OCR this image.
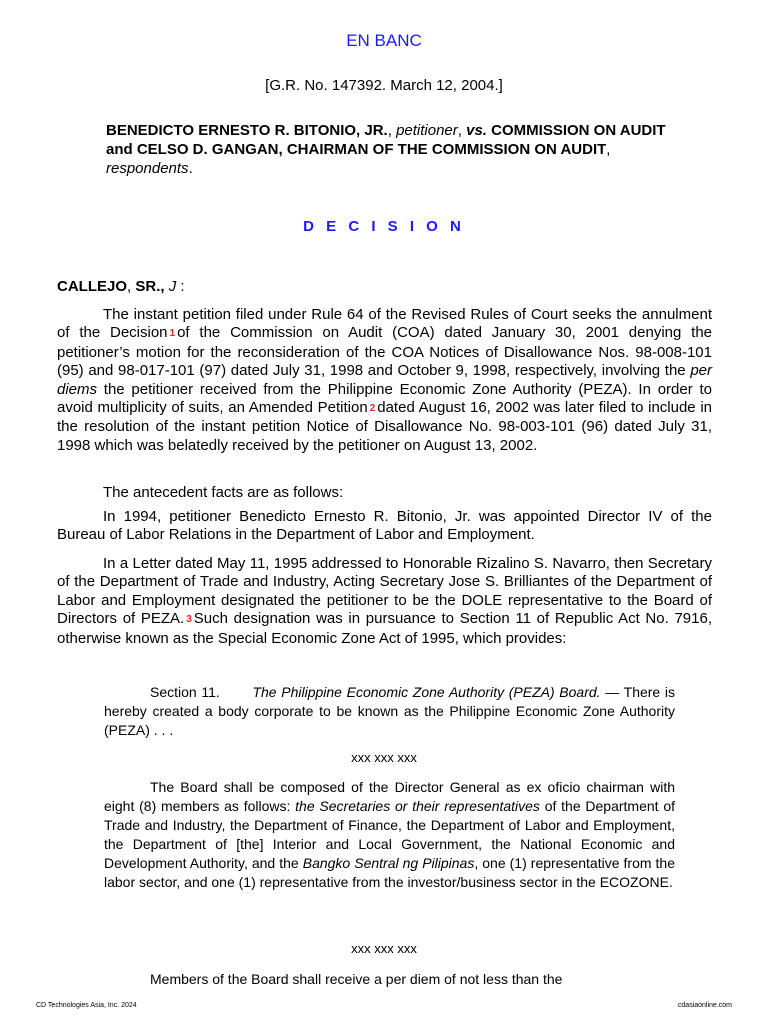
EN BANC
[G.R. No. 147392. March 12, 2004.]
BENEDICTO ERNESTO R. BITONIO, JR., petitioner, vs. COMMISSION ON AUDIT and CELSO D. GANGAN, CHAIRMAN OF THE COMMISSION ON AUDIT, respondents.
D E C I S I O N
CALLEJO, SR., J :

The instant petition filed under Rule 64 of the Revised Rules of Court seeks the annulment of the Decision 1 of the Commission on Audit (COA) dated January 30, 2001 denying the petitioner’s motion for the reconsideration of the COA Notices of Disallowance Nos. 98-008-101 (95) and 98-017-101 (97) dated July 31, 1998 and October 9, 1998, respectively, involving the per diems the petitioner received from the Philippine Economic Zone Authority (PEZA). In order to avoid multiplicity of suits, an Amended Petition 2 dated August 16, 2002 was later filed to include in the resolution of the instant petition Notice of Disallowance No. 98-003-101 (96) dated July 31, 1998 which was belatedly received by the petitioner on August 13, 2002.

The antecedent facts are as follows:

In 1994, petitioner Benedicto Ernesto R. Bitonio, Jr. was appointed Director IV of the Bureau of Labor Relations in the Department of Labor and Employment.

In a Letter dated May 11, 1995 addressed to Honorable Rizalino S. Navarro, then Secretary of the Department of Trade and Industry, Acting Secretary Jose S. Brilliantes of the Department of Labor and Employment designated the petitioner to be the DOLE representative to the Board of Directors of PEZA. 3 Such designation was in pursuance to Section 11 of Republic Act No. 7916, otherwise known as the Special Economic Zone Act of 1995, which provides:

Section 11. The Philippine Economic Zone Authority (PEZA) Board. — There is hereby created a body corporate to be known as the Philippine Economic Zone Authority (PEZA) . . .

xxx xxx xxx

The Board shall be composed of the Director General as ex oficio chairman with eight (8) members as follows: the Secretaries or their representatives of the Department of Trade and Industry, the Department of Finance, the Department of Labor and Employment, the Department of [the] Interior and Local Government, the National Economic and Development Authority, and the Bangko Sentral ng Pilipinas, one (1) representative from the labor sector, and one (1) representative from the investor/business sector in the ECOZONE.

xxx xxx xxx

Members of the Board shall receive a per diem of not less than the

CD Technologies Asia, Inc. 2024	cdasiaonline.com
